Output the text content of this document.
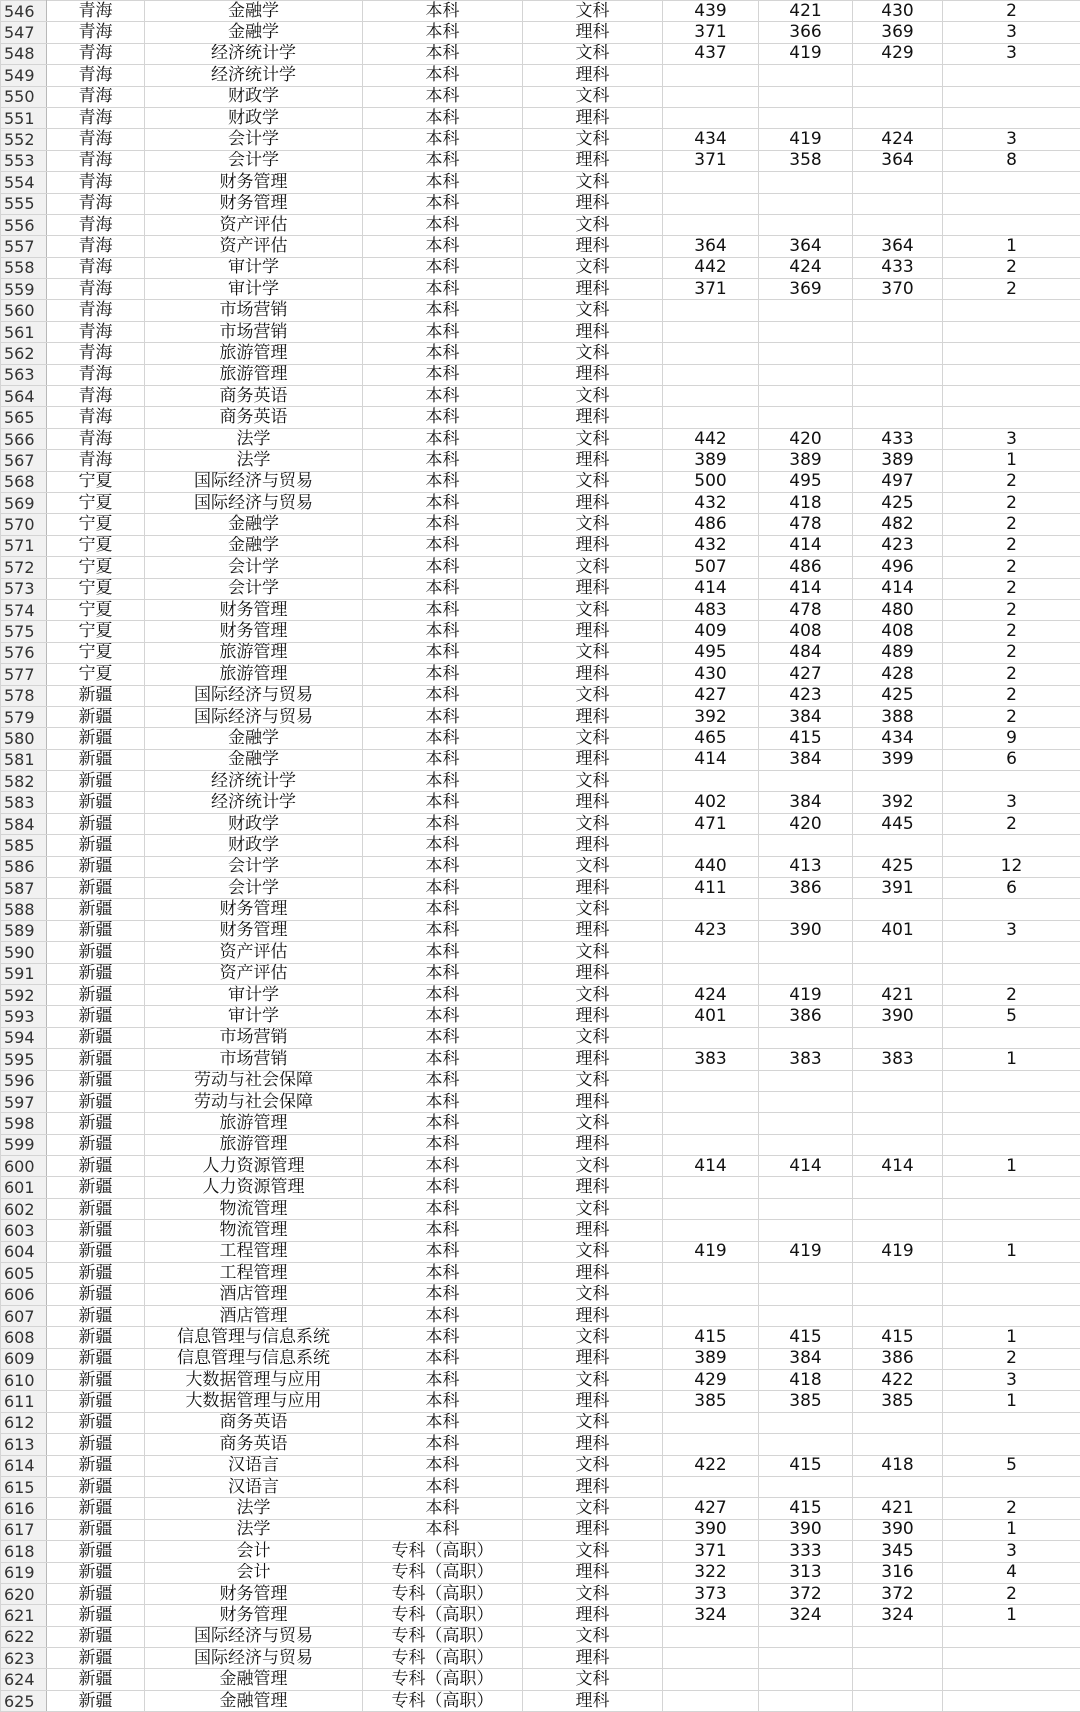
546	青海	金融学	本科	文科	439	421	430	2
547	青海	金融学	本科	理科	371	366	369	3
548	青海	经济统计学	本科	文科	437	419	429	3
549	青海	经济统计学	本科	理科				
550	青海	财政学	本科	文科				
551	青海	财政学	本科	理科				
552	青海	会计学	本科	文科	434	419	424	3
553	青海	会计学	本科	理科	371	358	364	8
554	青海	财务管理	本科	文科				
555	青海	财务管理	本科	理科				
556	青海	资产评估	本科	文科				
557	青海	资产评估	本科	理科	364	364	364	1
558	青海	审计学	本科	文科	442	424	433	2
559	青海	审计学	本科	理科	371	369	370	2
560	青海	市场营销	本科	文科				
561	青海	市场营销	本科	理科				
562	青海	旅游管理	本科	文科				
563	青海	旅游管理	本科	理科				
564	青海	商务英语	本科	文科				
565	青海	商务英语	本科	理科				
566	青海	法学	本科	文科	442	420	433	3
567	青海	法学	本科	理科	389	389	389	1
568	宁夏	国际经济与贸易	本科	文科	500	495	497	2
569	宁夏	国际经济与贸易	本科	理科	432	418	425	2
570	宁夏	金融学	本科	文科	486	478	482	2
571	宁夏	金融学	本科	理科	432	414	423	2
572	宁夏	会计学	本科	文科	507	486	496	2
573	宁夏	会计学	本科	理科	414	414	414	2
574	宁夏	财务管理	本科	文科	483	478	480	2
575	宁夏	财务管理	本科	理科	409	408	408	2
576	宁夏	旅游管理	本科	文科	495	484	489	2
577	宁夏	旅游管理	本科	理科	430	427	428	2
578	新疆	国际经济与贸易	本科	文科	427	423	425	2
579	新疆	国际经济与贸易	本科	理科	392	384	388	2
580	新疆	金融学	本科	文科	465	415	434	9
581	新疆	金融学	本科	理科	414	384	399	6
582	新疆	经济统计学	本科	文科				
583	新疆	经济统计学	本科	理科	402	384	392	3
584	新疆	财政学	本科	文科	471	420	445	2
585	新疆	财政学	本科	理科				
586	新疆	会计学	本科	文科	440	413	425	12
587	新疆	会计学	本科	理科	411	386	391	6
588	新疆	财务管理	本科	文科				
589	新疆	财务管理	本科	理科	423	390	401	3
590	新疆	资产评估	本科	文科				
591	新疆	资产评估	本科	理科				
592	新疆	审计学	本科	文科	424	419	421	2
593	新疆	审计学	本科	理科	401	386	390	5
594	新疆	市场营销	本科	文科				
595	新疆	市场营销	本科	理科	383	383	383	1
596	新疆	劳动与社会保障	本科	文科				
597	新疆	劳动与社会保障	本科	理科				
598	新疆	旅游管理	本科	文科				
599	新疆	旅游管理	本科	理科				
600	新疆	人力资源管理	本科	文科	414	414	414	1
601	新疆	人力资源管理	本科	理科				
602	新疆	物流管理	本科	文科				
603	新疆	物流管理	本科	理科				
604	新疆	工程管理	本科	文科	419	419	419	1
605	新疆	工程管理	本科	理科				
606	新疆	酒店管理	本科	文科				
607	新疆	酒店管理	本科	理科				
608	新疆	信息管理与信息系统	本科	文科	415	415	415	1
609	新疆	信息管理与信息系统	本科	理科	389	384	386	2
610	新疆	大数据管理与应用	本科	文科	429	418	422	3
611	新疆	大数据管理与应用	本科	理科	385	385	385	1
612	新疆	商务英语	本科	文科				
613	新疆	商务英语	本科	理科				
614	新疆	汉语言	本科	文科	422	415	418	5
615	新疆	汉语言	本科	理科				
616	新疆	法学	本科	文科	427	415	421	2
617	新疆	法学	本科	理科	390	390	390	1
618	新疆	会计	专科（高职）	文科	371	333	345	3
619	新疆	会计	专科（高职）	理科	322	313	316	4
620	新疆	财务管理	专科（高职）	文科	373	372	372	2
621	新疆	财务管理	专科（高职）	理科	324	324	324	1
622	新疆	国际经济与贸易	专科（高职）	文科				
623	新疆	国际经济与贸易	专科（高职）	理科				
624	新疆	金融管理	专科（高职）	文科				
625	新疆	金融管理	专科（高职）	理科				
